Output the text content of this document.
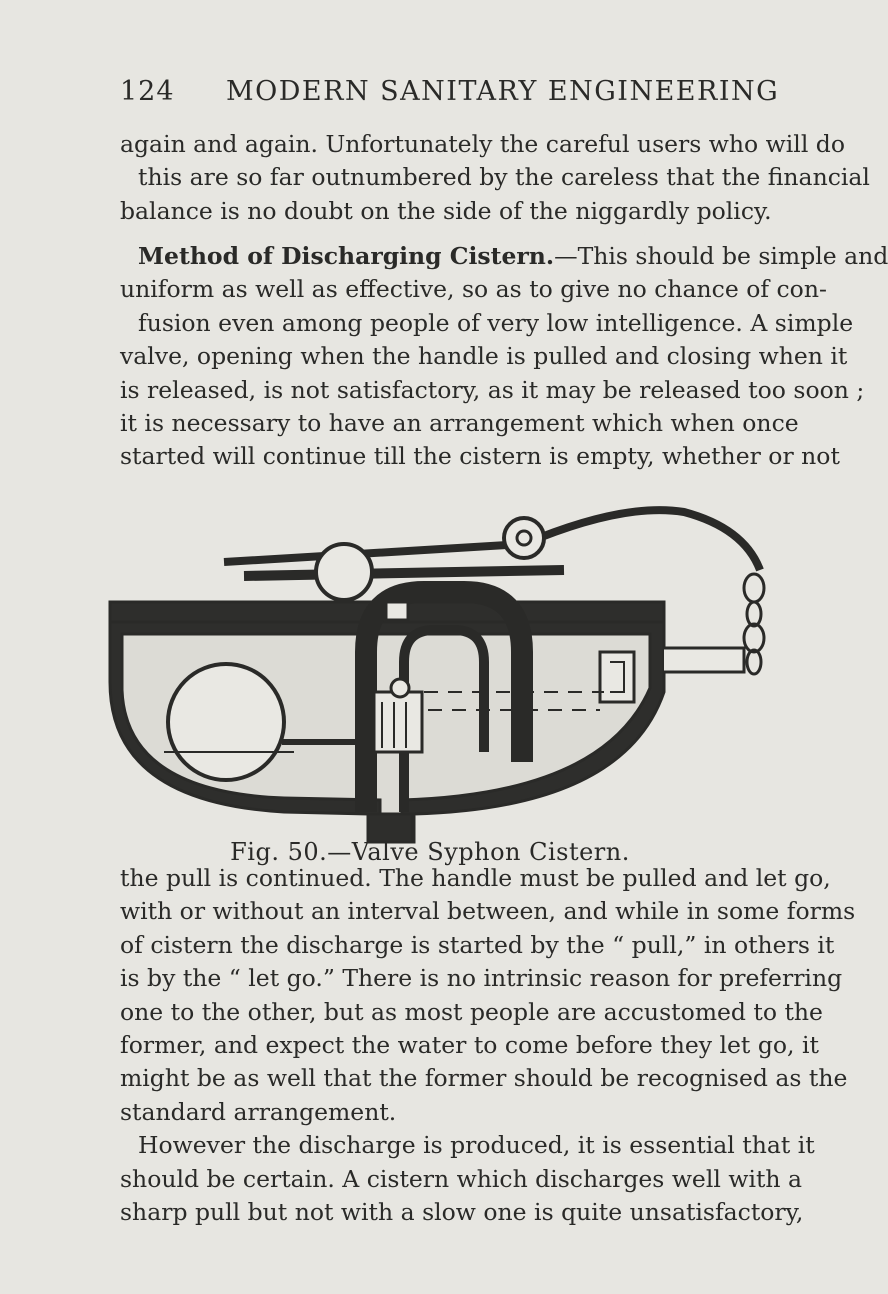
124 MODERN SANITARY ENGINEERING
again and again. Unfortunately the careful users who will do
this are so far outnumbered by the careless that the financial
balance is no doubt on the side of the niggardly policy.
Method of Discharging Cistern.—This should be simple and
uniform as well as effective, so as to give no chance of con-
fusion even among people of very low intelligence. A simple
valve, opening when the handle is pulled and closing when it
is released, is not satisfactory, as it may be released too soon ;
it is necessary to have an arrangement which when once
started will continue till the cistern is empty, whether or not
Fig. 50.—Valve Syphon Cistern.
the pull is continued. The handle must be pulled and let go,
with or without an interval between, and while in some forms
of cistern the discharge is started by the “ pull,” in others it
is by the “ let go.” There is no intrinsic reason for preferring
one to the other, but as most people are accustomed to the
former, and expect the water to come before they let go, it
might be as well that the former should be recognised as the
standard arrangement.
However the discharge is produced, it is essential that it
should be certain. A cistern which discharges well with a
sharp pull but not with a slow one is quite unsatisfactory,
